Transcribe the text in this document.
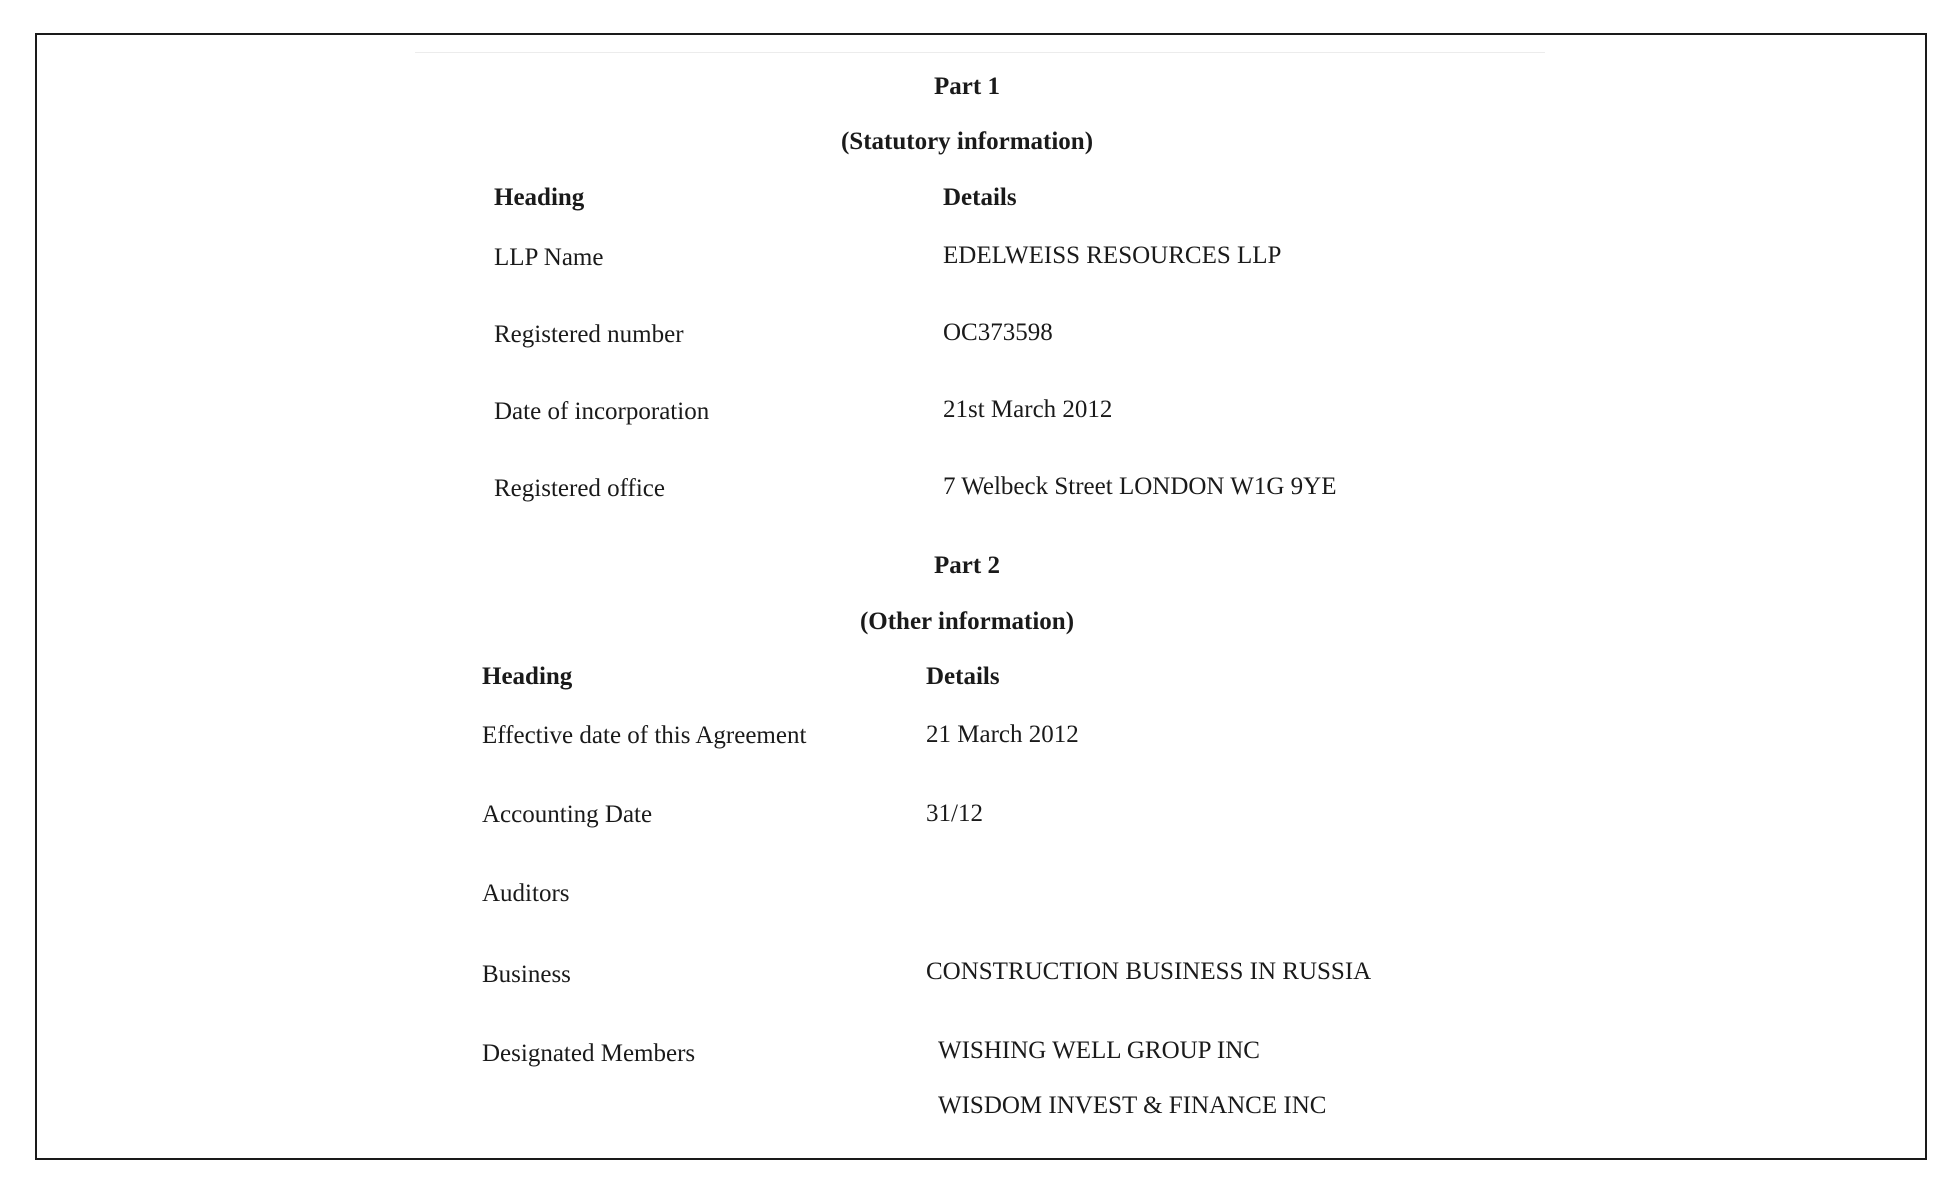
Part 1
(Statutory information)
Heading	Details
LLP Name	EDELWEISS RESOURCES LLP
Registered number	OC373598
Date of incorporation	21st March 2012
Registered office	7 Welbeck Street LONDON W1G 9YE
Part 2
(Other information)
Heading	Details
Effective date of this Agreement	21 March 2012
Accounting Date	31/12
Auditors
Business	CONSTRUCTION BUSINESS IN RUSSIA
Designated Members	WISHING WELL GROUP INC
WISDOM INVEST & FINANCE INC
